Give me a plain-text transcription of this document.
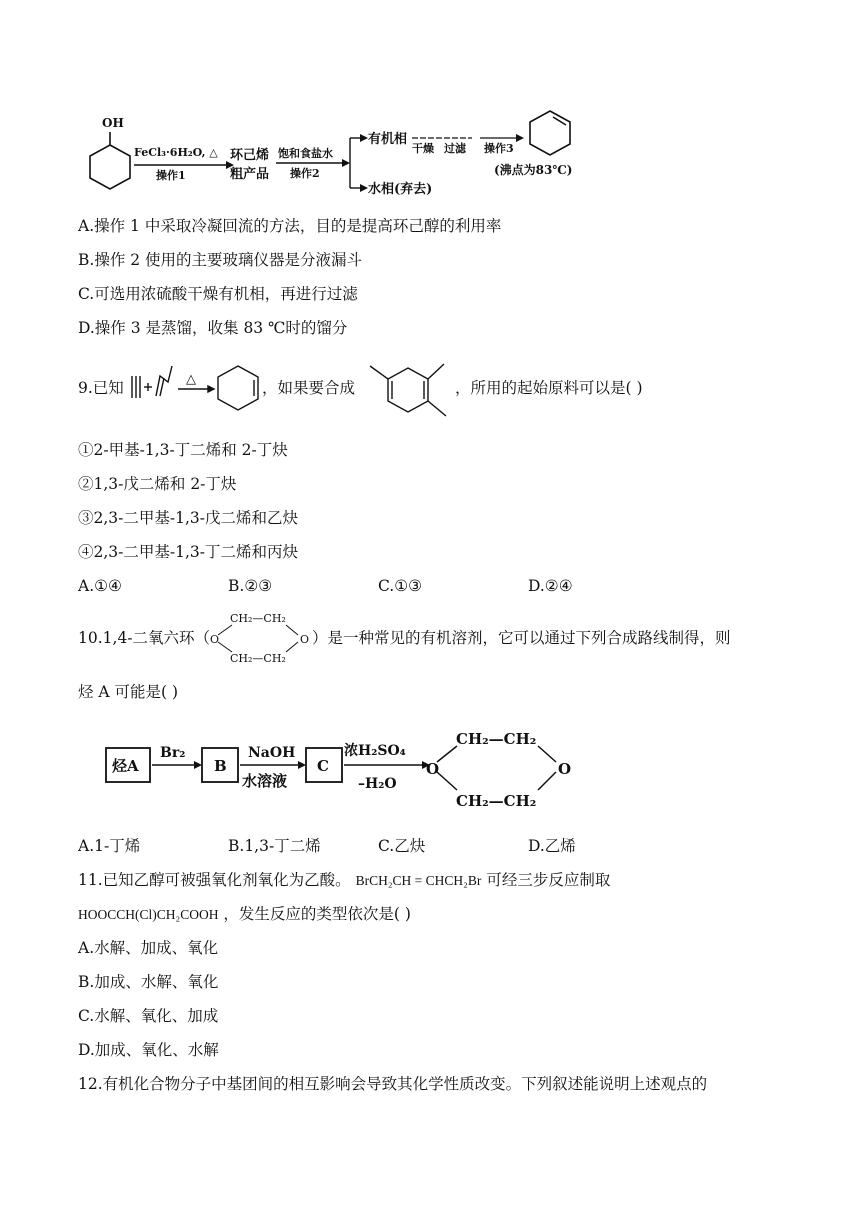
OH
FeCl₃·6H₂O, △
操作1
环己烯
粗产品
饱和食盐水
操作2
有机相
水相(弃去)
干燥 过滤 操作3
(沸点为83℃)
A.操作 1 中采取冷凝回流的方法，目的是提高环己醇的利用率
B.操作 2 使用的主要玻璃仪器是分液漏斗
C.可选用浓硫酸干燥有机相，再进行过滤
D.操作 3 是蒸馏，收集 83 ℃时的馏分
9.已知	△	，如果要合成	，所用的起始原料可以是( )
①2-甲基-1,3-丁二烯和 2-丁炔
②1,3-戊二烯和 2-丁炔
③2,3-二甲基-1,3-戊二烯和乙炔
④2,3-二甲基-1,3-丁二烯和丙炔
A.①④	B.②③	C.①③	D.②④
10.1,4-二氧六环（
CH₂—CH₂
CH₂—CH₂
O	O ）是一种常见的有机溶剂，它可以通过下列合成路线制得，则
烃 A 可能是( )
烃A	B	C
Br₂	NaOH
水溶液
浓H₂SO₄
–H₂O
CH₂—CH₂
CH₂—CH₂
O	O
A.1-丁烯	B.1,3-丁二烯	C.乙炔	D.乙烯
11.已知乙醇可被强氧化剂氧化为乙酸。 BrCH₂CH = CHCH₂Br 可经三步反应制取
HOOCCH(Cl)CH₂COOH ，发生反应的类型依次是( )
A.水解、加成、氧化
B.加成、水解、氧化
C.水解、氧化、加成
D.加成、氧化、水解
12.有机化合物分子中基团间的相互影响会导致其化学性质改变。下列叙述能说明上述观点的
